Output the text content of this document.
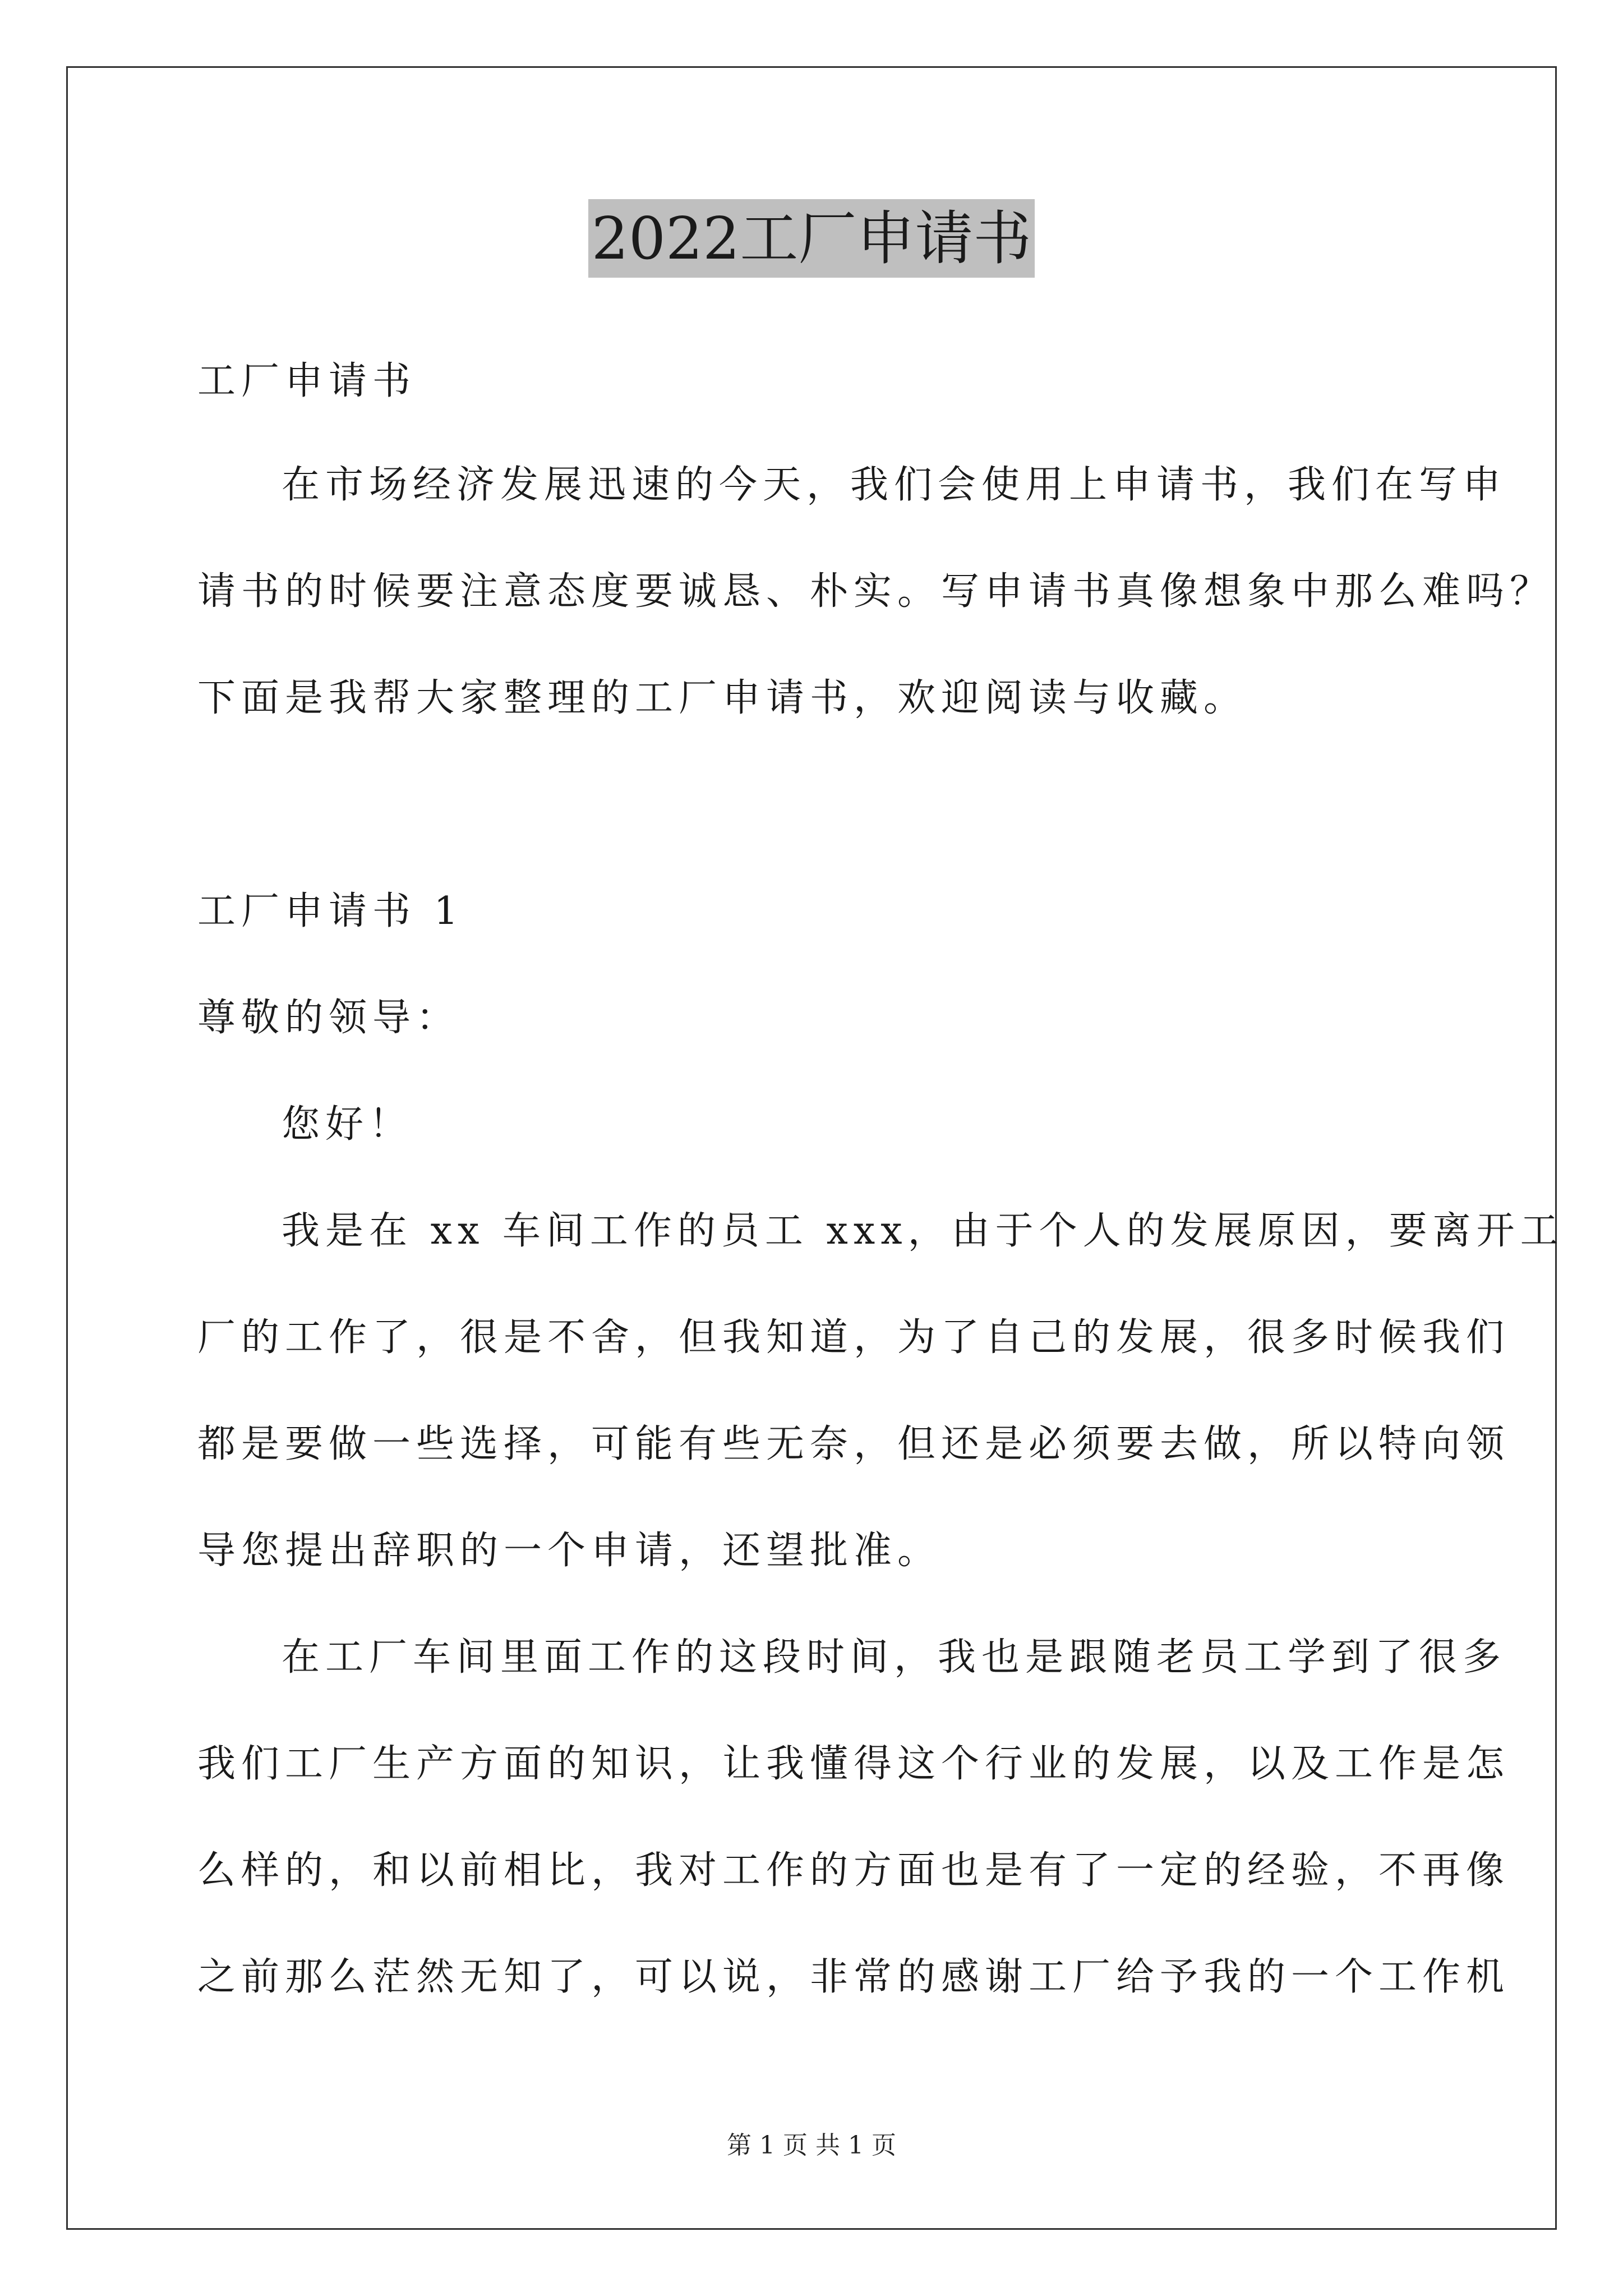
2022工厂申请书
工厂申请书
在市场经济发展迅速的今天，我们会使用上申请书，我们在写申
请书的时候要注意态度要诚恳、朴实。写申请书真像想象中那么难吗？
下面是我帮大家整理的工厂申请书，欢迎阅读与收藏。
工厂申请书 1
尊敬的领导：
您好！
我是在 xx 车间工作的员工 xxx，由于个人的发展原因，要离开工
厂的工作了，很是不舍，但我知道，为了自己的发展，很多时候我们
都是要做一些选择，可能有些无奈，但还是必须要去做，所以特向领
导您提出辞职的一个申请，还望批准。
在工厂车间里面工作的这段时间，我也是跟随老员工学到了很多
我们工厂生产方面的知识，让我懂得这个行业的发展，以及工作是怎
么样的，和以前相比，我对工作的方面也是有了一定的经验，不再像
之前那么茫然无知了，可以说，非常的感谢工厂给予我的一个工作机
第 1 页 共 1 页
